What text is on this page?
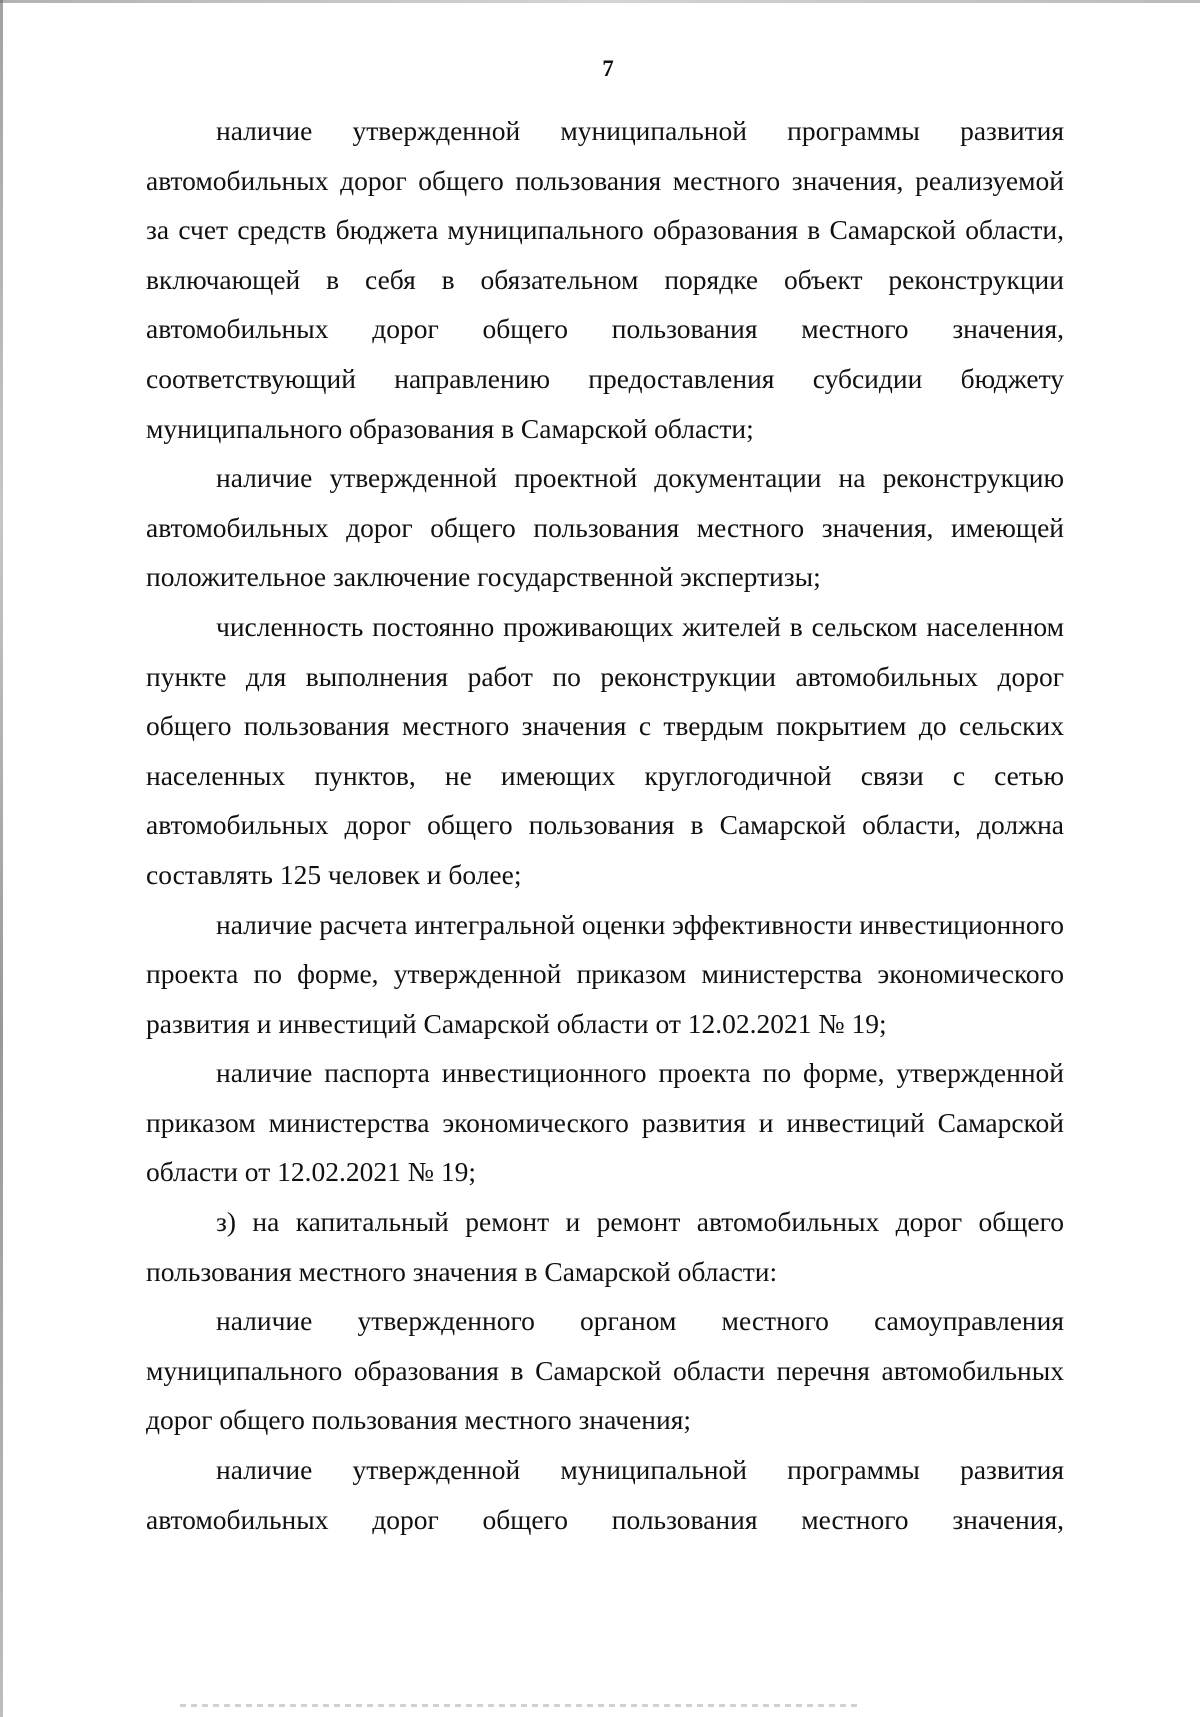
7

наличие утвержденной муниципальной программы развития автомобильных дорог общего пользования местного значения, реализуемой за счет средств бюджета муниципального образования в Самарской области, включающей в себя в обязательном порядке объект реконструкции автомобильных дорог общего пользования местного значения, соответствующий направлению предоставления субсидии бюджету муниципального образования в Самарской области;

наличие утвержденной проектной документации на реконструкцию автомобильных дорог общего пользования местного значения, имеющей положительное заключение государственной экспертизы;

численность постоянно проживающих жителей в сельском населенном пункте для выполнения работ по реконструкции автомобильных дорог общего пользования местного значения с твердым покрытием до сельских населенных пунктов, не имеющих круглогодичной связи с сетью автомобильных дорог общего пользования в Самарской области, должна составлять 125 человек и более;

наличие расчета интегральной оценки эффективности инвестиционного проекта по форме, утвержденной приказом министерства экономического развития и инвестиций Самарской области от 12.02.2021 № 19;

наличие паспорта инвестиционного проекта по форме, утвержденной приказом министерства экономического развития и инвестиций Самарской области от 12.02.2021 № 19;

з) на капитальный ремонт и ремонт автомобильных дорог общего пользования местного значения в Самарской области:

наличие утвержденного органом местного самоуправления муниципального образования в Самарской области перечня автомобильных дорог общего пользования местного значения;

наличие утвержденной муниципальной программы развития автомобильных дорог общего пользования местного значения,
